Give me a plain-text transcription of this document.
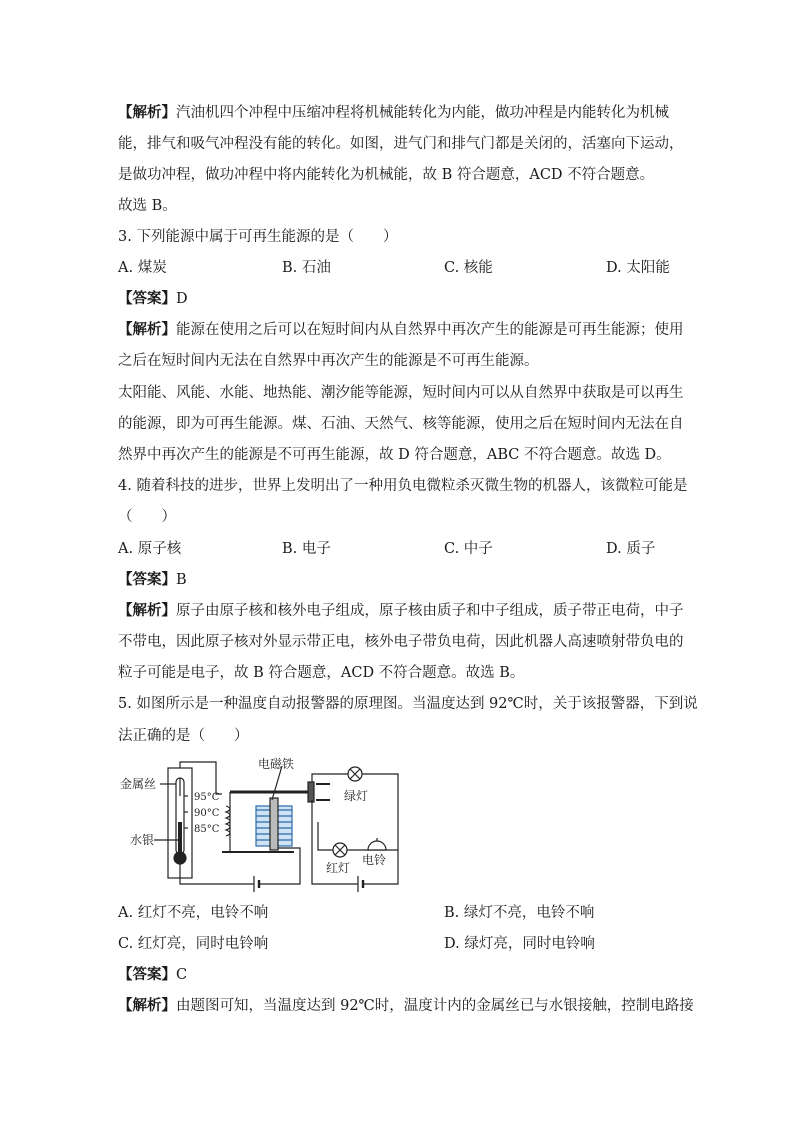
【解析】汽油机四个冲程中压缩冲程将机械能转化为内能，做功冲程是内能转化为机械
能，排气和吸气冲程没有能的转化。如图，进气门和排气门都是关闭的，活塞向下运动，
是做功冲程，做功冲程中将内能转化为机械能，故 B 符合题意，ACD 不符合题意。
故选 B。
3. 下列能源中属于可再生能源的是（　　）
A. 煤炭	B. 石油	C. 核能	D. 太阳能
【答案】D
【解析】能源在使用之后可以在短时间内从自然界中再次产生的能源是可再生能源；使用
之后在短时间内无法在自然界中再次产生的能源是不可再生能源。
太阳能、风能、水能、地热能、潮汐能等能源，短时间内可以从自然界中获取是可以再生
的能源，即为可再生能源。煤、石油、天然气、核等能源，使用之后在短时间内无法在自
然界中再次产生的能源是不可再生能源，故 D 符合题意，ABC 不符合题意。故选 D。
4. 随着科技的进步，世界上发明出了一种用负电微粒杀灭微生物的机器人，该微粒可能是
（　　）
A. 原子核	B. 电子	C. 中子	D. 质子
【答案】B
【解析】原子由原子核和核外电子组成，原子核由质子和中子组成，质子带正电荷，中子
不带电，因此原子核对外显示带正电，核外电子带负电荷，因此机器人高速喷射带负电的
粒子可能是电子，故 B 符合题意，ACD 不符合题意。故选 B。
5. 如图所示是一种温度自动报警器的原理图。当温度达到 92℃时，关于该报警器，下到说
法正确的是（　　）
金属丝
水银
电磁铁
绿灯
红灯
电铃
95°C
90°C
85°C
A. 红灯不亮，电铃不响	B. 绿灯不亮，电铃不响
C. 红灯亮，同时电铃响	D. 绿灯亮，同时电铃响
【答案】C
【解析】由题图可知，当温度达到 92℃时，温度计内的金属丝已与水银接触，控制电路接
